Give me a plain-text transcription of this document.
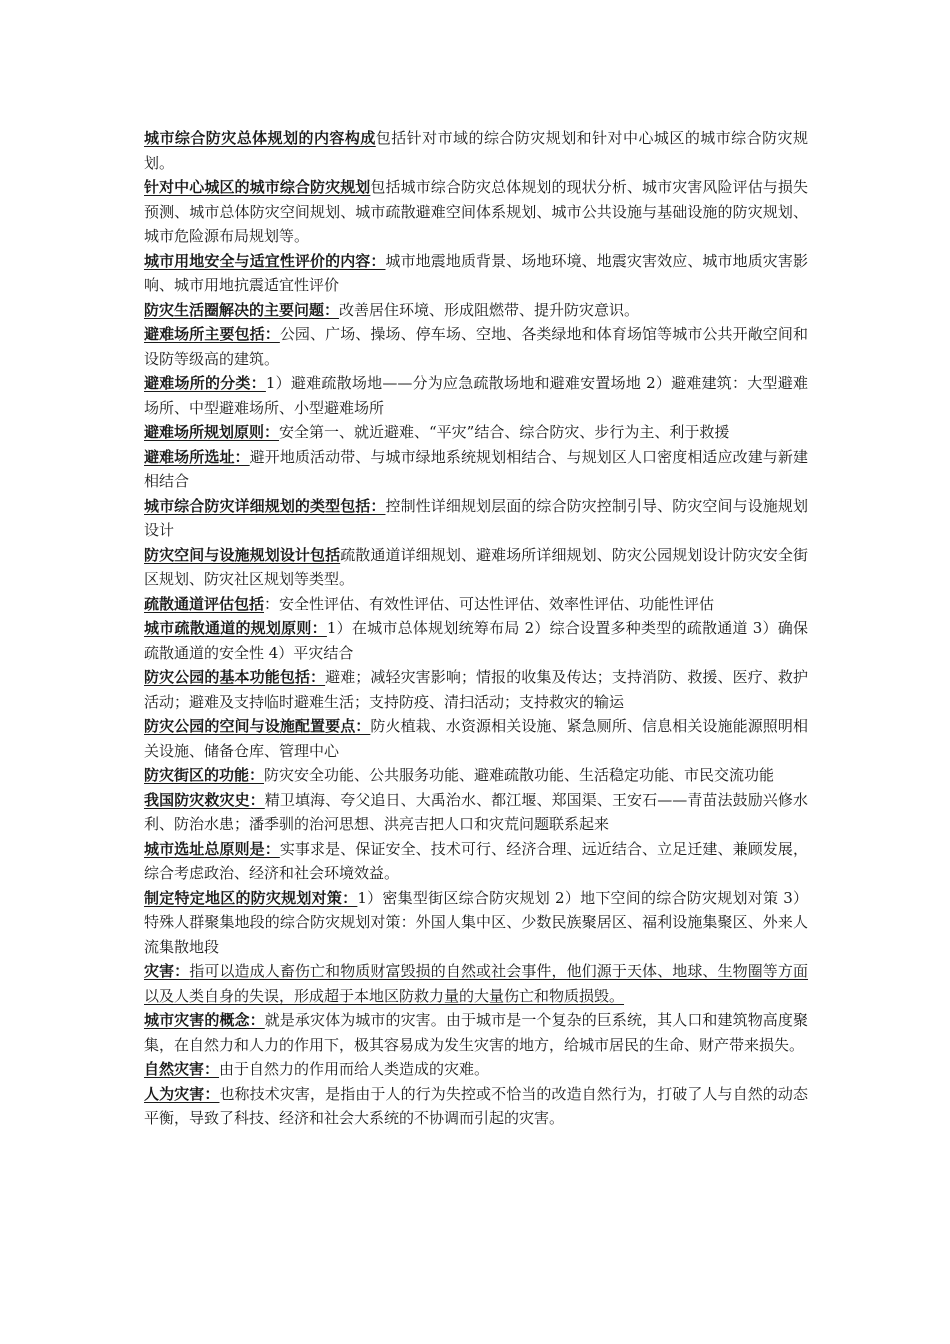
城市综合防灾总体规划的内容构成包括针对市域的综合防灾规划和针对中心城区的城市综合防灾规划。

针对中心城区的城市综合防灾规划包括城市综合防灾总体规划的现状分析、城市灾害风险评估与损失预测、城市总体防灾空间规划、城市疏散避难空间体系规划、城市公共设施与基础设施的防灾规划、城市危险源布局规划等。

城市用地安全与适宜性评价的内容：城市地震地质背景、场地环境、地震灾害效应、城市地质灾害影响、城市用地抗震适宜性评价

防灾生活圈解决的主要问题：改善居住环境、形成阻燃带、提升防灾意识。

避难场所主要包括：公园、广场、操场、停车场、空地、各类绿地和体育场馆等城市公共开敞空间和设防等级高的建筑。

避难场所的分类：1）避难疏散场地——分为应急疏散场地和避难安置场地 2）避难建筑：大型避难场所、中型避难场所、小型避难场所

避难场所规划原则：安全第一、就近避难、“平灾”结合、综合防灾、步行为主、利于救援

避难场所选址：避开地质活动带、与城市绿地系统规划相结合、与规划区人口密度相适应改建与新建相结合

城市综合防灾详细规划的类型包括：控制性详细规划层面的综合防灾控制引导、防灾空间与设施规划设计

防灾空间与设施规划设计包括疏散通道详细规划、避难场所详细规划、防灾公园规划设计防灾安全街区规划、防灾社区规划等类型。

疏散通道评估包括：安全性评估、有效性评估、可达性评估、效率性评估、功能性评估

城市疏散通道的规划原则：1）在城市总体规划统筹布局 2）综合设置多种类型的疏散通道 3）确保疏散通道的安全性 4）平灾结合

防灾公园的基本功能包括：避难；减轻灾害影响；情报的收集及传达；支持消防、救援、医疗、救护活动；避难及支持临时避难生活；支持防疫、清扫活动；支持救灾的输运

防灾公园的空间与设施配置要点：防火植栽、水资源相关设施、紧急厕所、信息相关设施能源照明相关设施、储备仓库、管理中心

防灾街区的功能：防灾安全功能、公共服务功能、避难疏散功能、生活稳定功能、市民交流功能

我国防灾救灾史：精卫填海、夸父追日、大禹治水、都江堰、郑国渠、王安石——青苗法鼓励兴修水利、防治水患；潘季驯的治河思想、洪亮吉把人口和灾荒问题联系起来

城市选址总原则是：实事求是、保证安全、技术可行、经济合理、远近结合、立足迁建、兼顾发展，综合考虑政治、经济和社会环境效益。

制定特定地区的防灾规划对策：1）密集型街区综合防灾规划 2）地下空间的综合防灾规划对策 3）特殊人群聚集地段的综合防灾规划对策：外国人集中区、少数民族聚居区、福利设施集聚区、外来人流集散地段

灾害：指可以造成人畜伤亡和物质财富毁损的自然或社会事件，他们源于天体、地球、生物圈等方面以及人类自身的失误，形成超于本地区防救力量的大量伤亡和物质损毁。

城市灾害的概念：就是承灾体为城市的灾害。由于城市是一个复杂的巨系统，其人口和建筑物高度聚集，在自然力和人力的作用下，极其容易成为发生灾害的地方，给城市居民的生命、财产带来损失。

自然灾害：由于自然力的作用而给人类造成的灾难。

人为灾害：也称技术灾害，是指由于人的行为失控或不恰当的改造自然行为，打破了人与自然的动态平衡，导致了科技、经济和社会大系统的不协调而引起的灾害。
